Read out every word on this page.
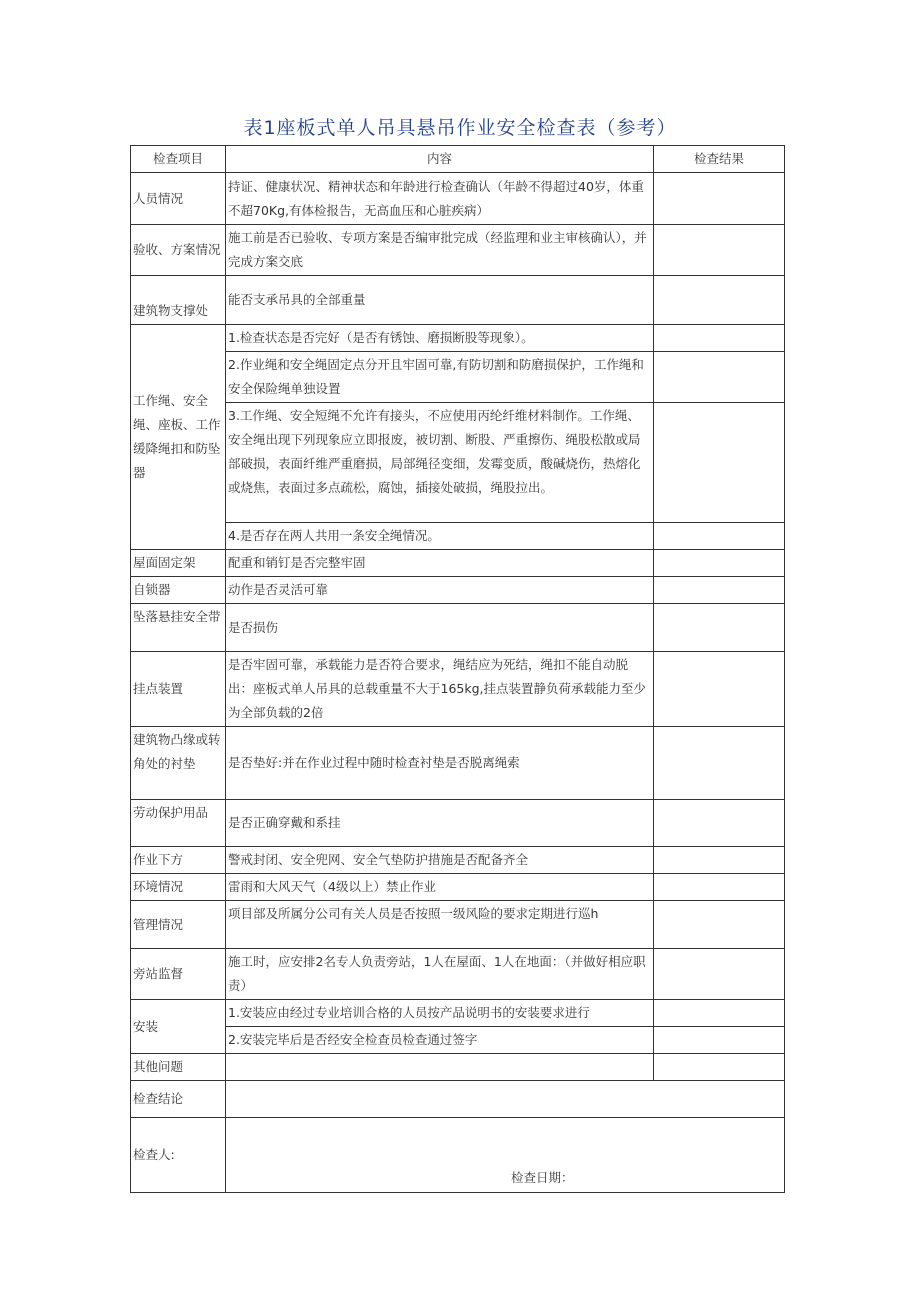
表1座板式单人吊具悬吊作业安全检查表（参考）
检查项目	内容	检查结果
人员情况	持证、健康状况、精神状态和年龄进行检查确认（年龄不得超过40岁，体重不超70Kg,有体检报告，无高血压和心脏疾病）	
验收、方案情况	施工前是否已验收、专项方案是否编审批完成（经监理和业主审核确认），并完成方案交底	
建筑物支撑处	能否支承吊具的全部重量	
工作绳、安全绳、座板、工作缓降绳扣和防坠器	1.检查状态是否完好（是否有锈蚀、磨损断股等现象）。	
	2.作业绳和安全绳固定点分开且牢固可靠,有防切割和防磨损保护，工作绳和安全保险绳单独设置	
	3.工作绳、安全短绳不允许有接头，不应使用丙纶纤维材料制作。工作绳、安全绳出现下列现象应立即报废，被切割、断股、严重擦伤、绳股松散或局部破损，表面纤维严重磨损，局部绳径变细，发霉变质，酸碱烧伤，热熔化或烧焦，表面过多点疏松，腐蚀，插接处破损，绳股拉出。	
	4.是否存在两人共用一条安全绳情况。	
屋面固定架	配重和销钉是否完整牢固	
自锁器	动作是否灵活可靠	
坠落悬挂安全带	是否损伤	
挂点装置	是否牢固可靠，承载能力是否符合要求，绳结应为死结，绳扣不能自动脱出：座板式单人吊具的总载重量不大于165kg,挂点装置静负荷承载能力至少为全部负载的2倍	
建筑物凸缘或转角处的衬垫	是否垫好:并在作业过程中随时检查衬垫是否脱离绳索	
劳动保护用品	是否正确穿戴和系挂	
作业下方	警戒封闭、安全兜网、安全气垫防护措施是否配备齐全	
环境情况	雷雨和大风天气（4级以上）禁止作业	
管理情况	项目部及所属分公司有关人员是否按照一级风险的要求定期进行巡h	
旁站监督	施工时，应安排2名专人负责旁站，1人在屋面、1人在地面：（并做好相应职责）	
安装	1.安装应由经过专业培训合格的人员按产品说明书的安装要求进行	
	2.安装完毕后是否经安全检查员检查通过签字	
其他问题		
检查结论		
检查人:	检查日期：	
